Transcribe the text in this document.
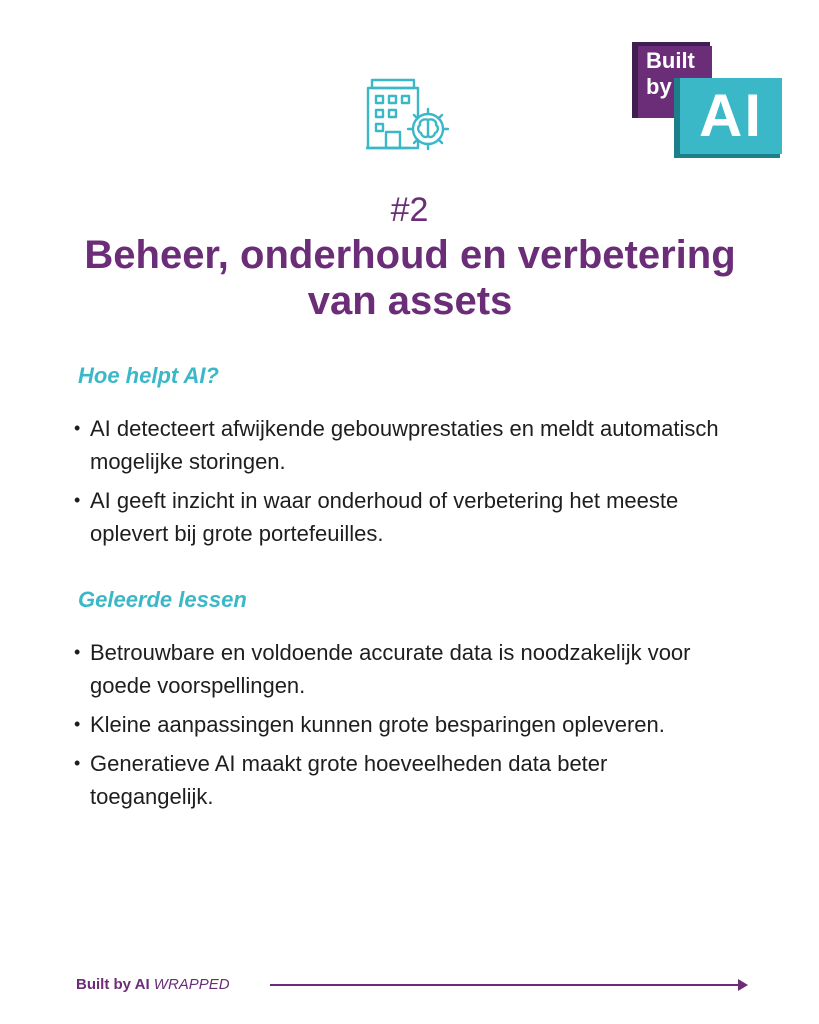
Built
by AI
#2
Beheer, onderhoud en verbetering van assets
Hoe helpt AI?
• AI detecteert afwijkende gebouwprestaties en meldt automatisch mogelijke storingen.
• AI geeft inzicht in waar onderhoud of verbetering het meeste oplevert bij grote portefeuilles.
Geleerde lessen
• Betrouwbare en voldoende accurate data is noodzakelijk voor goede voorspellingen.
• Kleine aanpassingen kunnen grote besparingen opleveren.
• Generatieve AI maakt grote hoeveelheden data beter toegangelijk.
Built by AI WRAPPED
